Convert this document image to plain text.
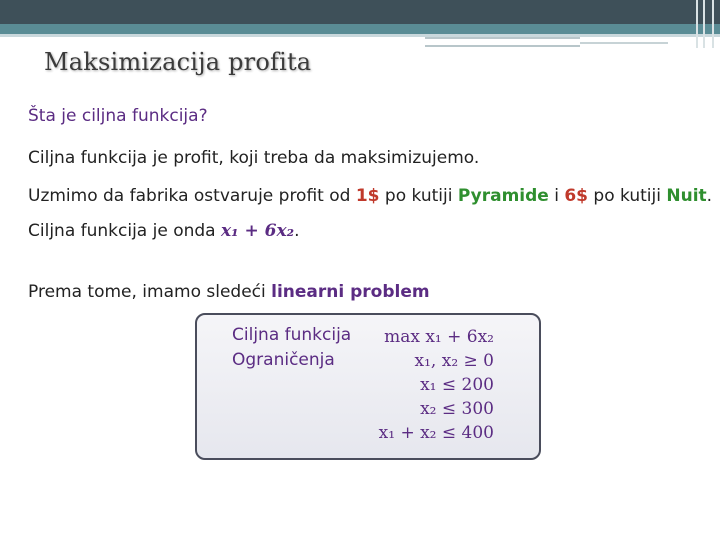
Maksimizacija profita
Šta je ciljna funkcija?
Ciljna funkcija je profit, koji treba da maksimizujemo.
Uzmimo da fabrika ostvaruje profit od 1$ po kutiji Pyramide i 6$ po kutiji Nuit.
Ciljna funkcija je onda x₁ + 6x₂.
Prema tome, imamo sledeći linearni problem
Ciljna funkcija
Ograničenja
max x₁ + 6x₂
x₁, x₂ ≥ 0
x₁ ≤ 200
x₂ ≤ 300
x₁ + x₂ ≤ 400
